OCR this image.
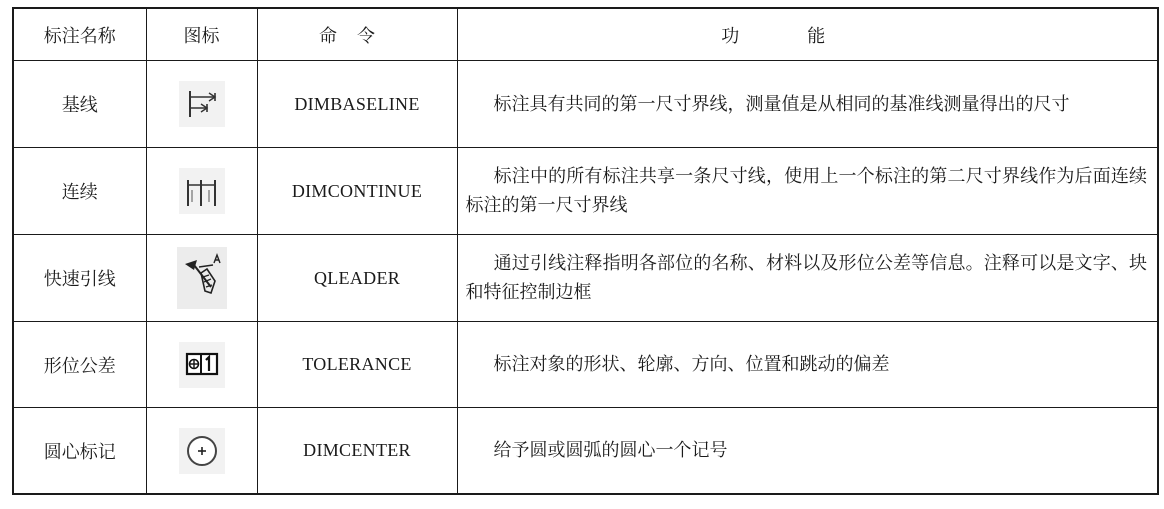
标注名称	图标	命令	功能
基线		DIMBASELINE	标注具有共同的第一尺寸界线，测量值是从相同的基准线测量得出的尺寸
连续		DIMCONTINUE	标注中的所有标注共享一条尺寸线，使用上一个标注的第二尺寸界线作为后面连续标注的第一尺寸界线
快速引线		QLEADER	通过引线注释指明各部位的名称、材料以及形位公差等信息。注释可以是文字、块和特征控制边框
形位公差		TOLERANCE	标注对象的形状、轮廓、方向、位置和跳动的偏差
圆心标记		DIMCENTER	给予圆或圆弧的圆心一个记号
